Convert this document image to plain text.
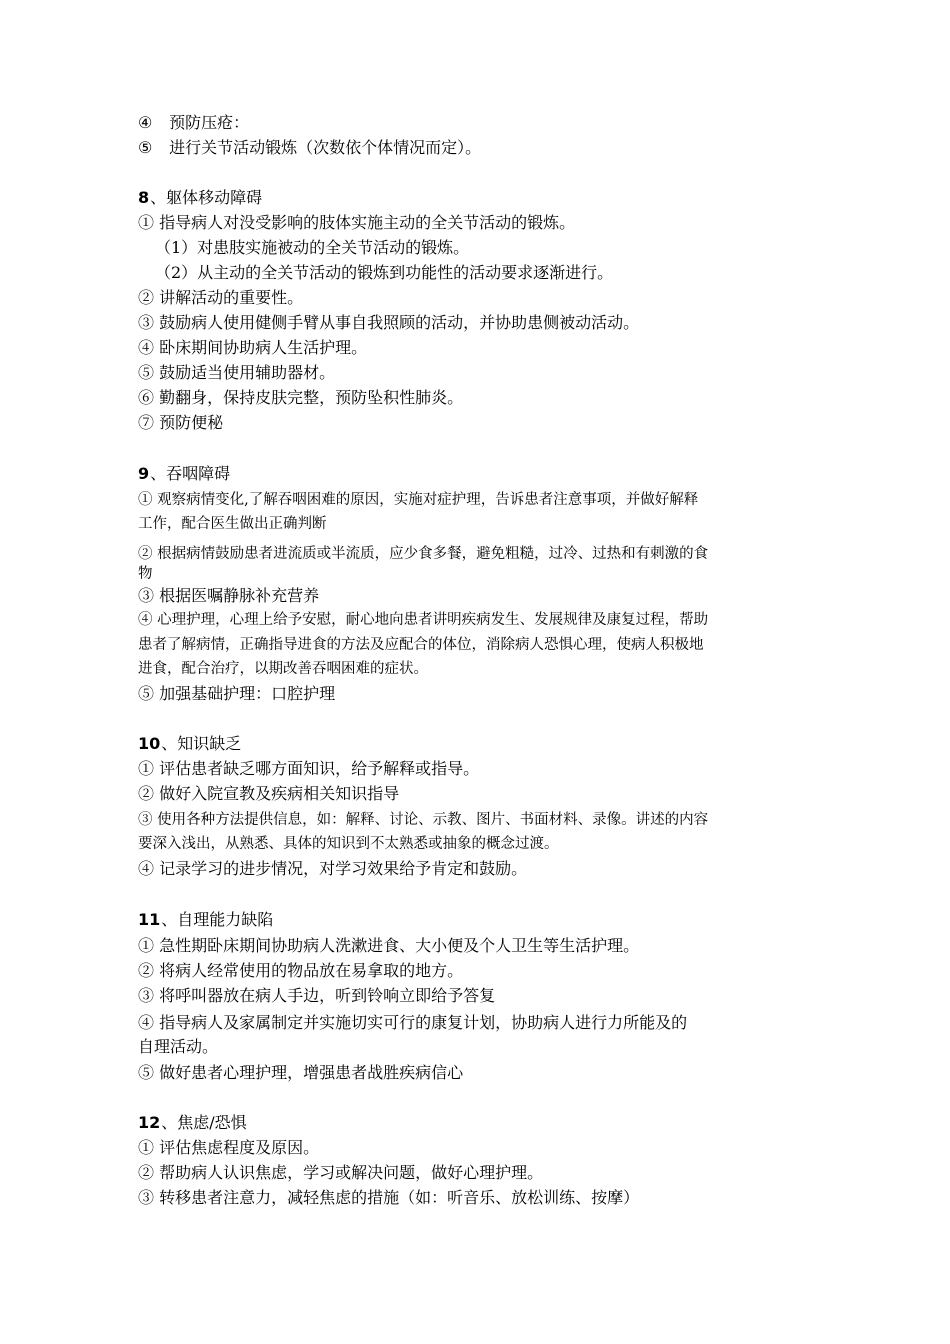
④ 预防压疮：
⑤ 进行关节活动锻炼（次数依个体情况而定）。
8、躯体移动障碍
① 指导病人对没受影响的肢体实施主动的全关节活动的锻炼。
（1）对患肢实施被动的全关节活动的锻炼。
（2）从主动的全关节活动的锻炼到功能性的活动要求逐渐进行。
② 讲解活动的重要性。
③ 鼓励病人使用健侧手臂从事自我照顾的活动，并协助患侧被动活动。
④ 卧床期间协助病人生活护理。
⑤ 鼓励适当使用辅助器材。
⑥ 勤翻身，保持皮肤完整，预防坠积性肺炎。
⑦ 预防便秘
9、吞咽障碍
① 观察病情变化,了解吞咽困难的原因，实施对症护理，告诉患者注意事项，并做好解释
工作，配合医生做出正确判断
② 根据病情鼓励患者进流质或半流质，应少食多餐，避免粗糙，过冷、过热和有刺激的食
物
③ 根据医嘱静脉补充营养
④ 心理护理，心理上给予安慰，耐心地向患者讲明疾病发生、发展规律及康复过程，帮助
患者了解病情，正确指导进食的方法及应配合的体位，消除病人恐惧心理，使病人积极地
进食，配合治疗，以期改善吞咽困难的症状。
⑤ 加强基础护理：口腔护理
10、知识缺乏
① 评估患者缺乏哪方面知识，给予解释或指导。
② 做好入院宣教及疾病相关知识指导
③ 使用各种方法提供信息，如：解释、讨论、示教、图片、书面材料、录像。讲述的内容
要深入浅出，从熟悉、具体的知识到不太熟悉或抽象的概念过渡。
④ 记录学习的进步情况，对学习效果给予肯定和鼓励。
11、自理能力缺陷
➀ 急性期卧床期间协助病人洗漱进食、大小便及个人卫生等生活护理。
➁ 将病人经常使用的物品放在易拿取的地方。
➂ 将呼叫器放在病人手边，听到铃响立即给予答复
➃ 指导病人及家属制定并实施切实可行的康复计划，协助病人进行力所能及的
自理活动。
⑤ 做好患者心理护理，增强患者战胜疾病信心
12、焦虑/恐惧
① 评估焦虑程度及原因。
② 帮助病人认识焦虑，学习或解决问题，做好心理护理。
③ 转移患者注意力，减轻焦虑的措施（如：听音乐、放松训练、按摩）
